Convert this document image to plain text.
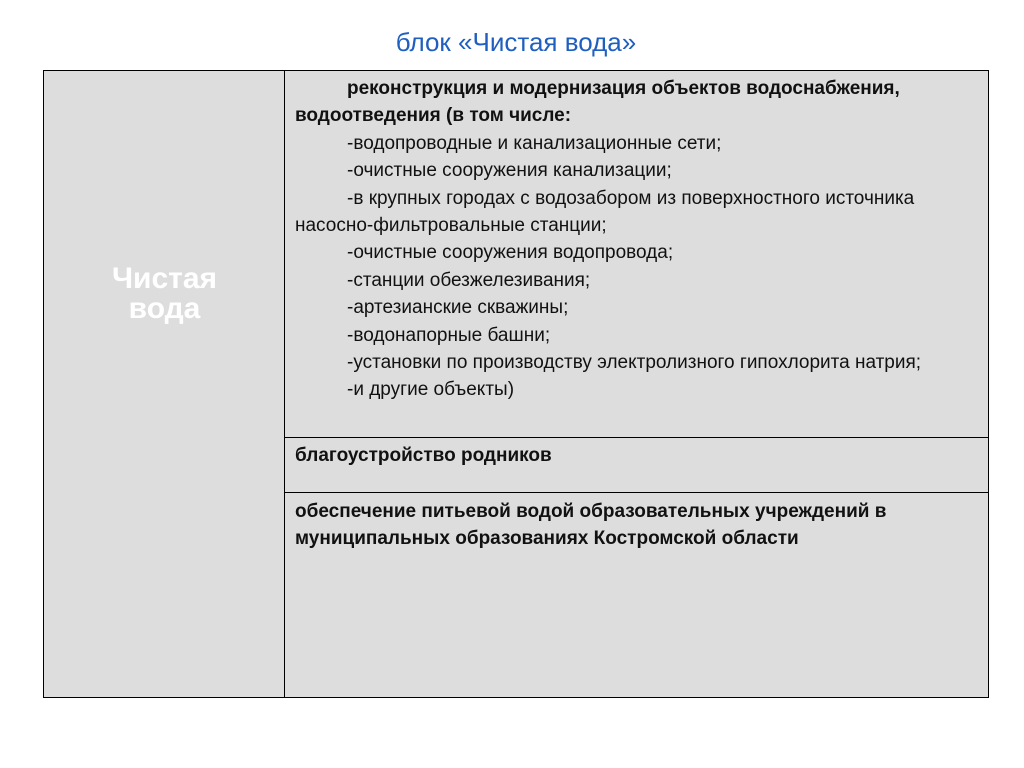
блок «Чистая вода»
Чистая
вода

реконструкция и модернизация объектов водоснабжения, водоотведения (в том числе:

-водопроводные и канализационные сети;

-очистные сооружения канализации;

-в крупных городах с водозабором из поверхностного источника насосно-фильтровальные станции;

-очистные сооружения водопровода;

-станции обезжелезивания;

-артезианские скважины;

-водонапорные башни;

-установки по производству электролизного гипохлорита натрия;

-и другие объекты)

благоустройство родников

обеспечение питьевой водой образовательных учреждений в муниципальных образованиях Костромской области
